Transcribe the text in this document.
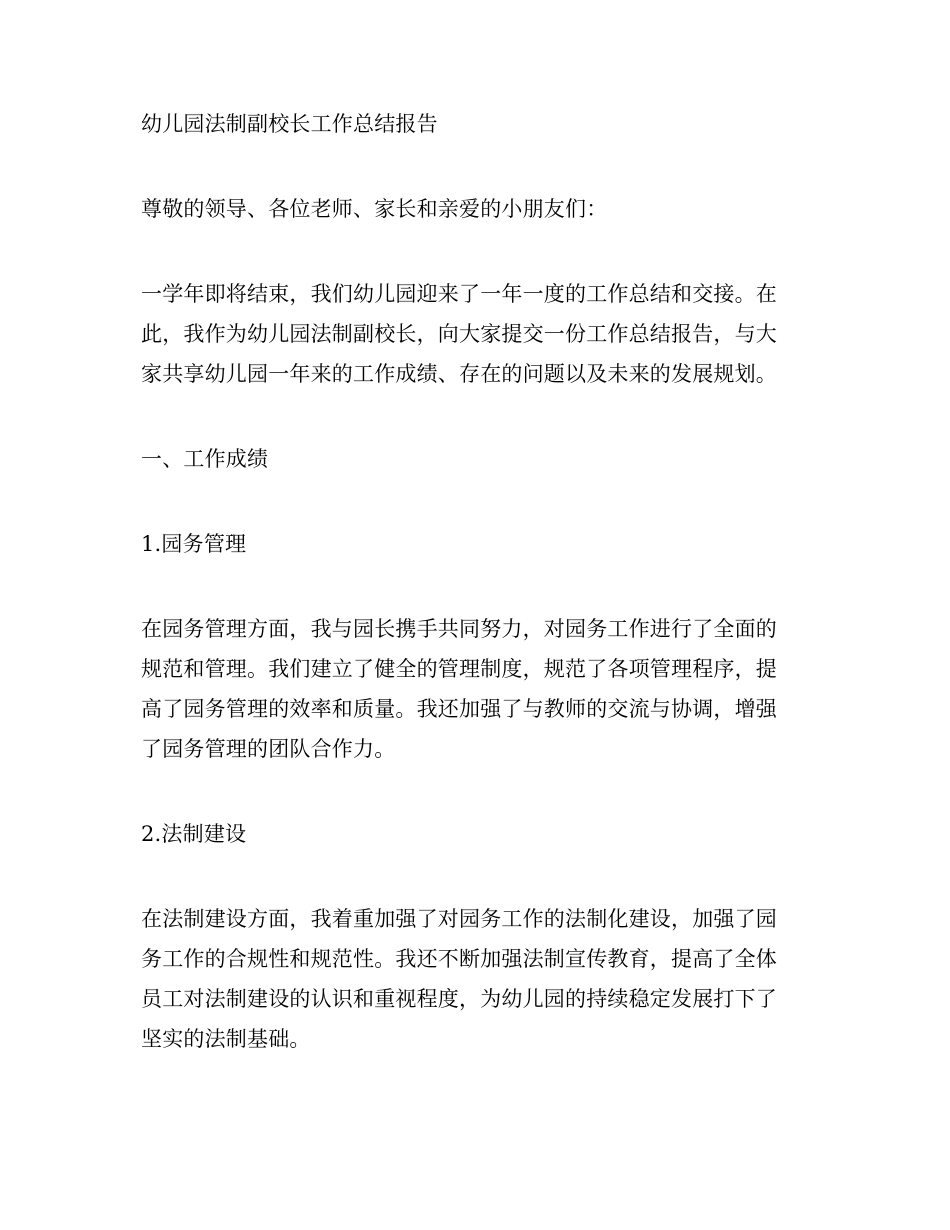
幼儿园法制副校长工作总结报告
尊敬的领导、各位老师、家长和亲爱的小朋友们：
一学年即将结束，我们幼儿园迎来了一年一度的工作总结和交接。在
此，我作为幼儿园法制副校长，向大家提交一份工作总结报告，与大
家共享幼儿园一年来的工作成绩、存在的问题以及未来的发展规划。
一、工作成绩
1.园务管理
在园务管理方面，我与园长携手共同努力，对园务工作进行了全面的
规范和管理。我们建立了健全的管理制度，规范了各项管理程序，提
高了园务管理的效率和质量。我还加强了与教师的交流与协调，增强
了园务管理的团队合作力。
2.法制建设
在法制建设方面，我着重加强了对园务工作的法制化建设，加强了园
务工作的合规性和规范性。我还不断加强法制宣传教育，提高了全体
员工对法制建设的认识和重视程度，为幼儿园的持续稳定发展打下了
坚实的法制基础。
